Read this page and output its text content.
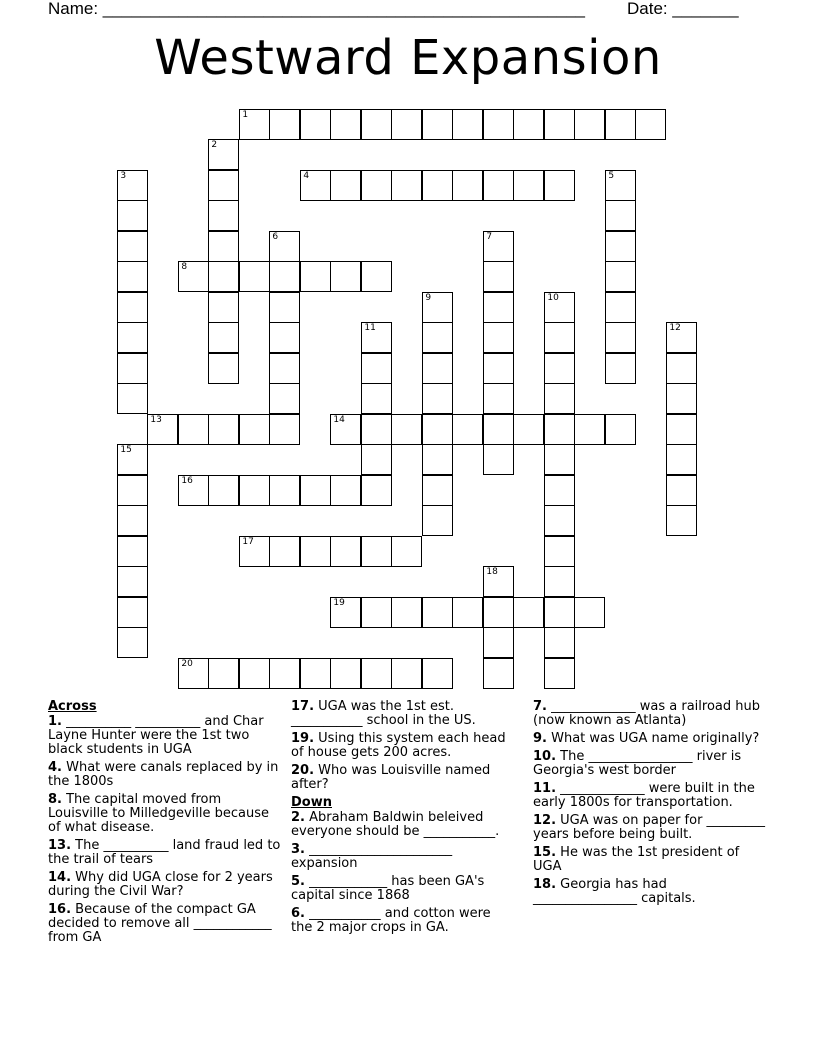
Name: ___________________________________________________ Date: _______
Westward Expansion
1
2
3	4	5
6	7
8
9	10
11	12
13	14
15
16
17
18
19
20
Across
1. __________ __________ and Char Layne Hunter were the 1st two black students in UGA
4. What were canals replaced by in the 1800s
8. The capital moved from Louisville to Milledgeville because of what disease.
13. The __________ land fraud led to the trail of tears
14. Why did UGA close for 2 years during the Civil War?
16. Because of the compact GA decided to remove all ____________ from GA
17. UGA was the 1st est. ___________ school in the US.
19. Using this system each head of house gets 200 acres.
20. Who was Louisville named after?
Down
2. Abraham Baldwin beleived everyone should be ___________.
3. ______________________ expansion
5. ____________ has been GA's capital since 1868
6. ___________ and cotton were the 2 major crops in GA.
7. _____________ was a railroad hub (now known as Atlanta)
9. What was UGA name originally?
10. The ________________ river is Georgia's west border
11. _____________ were built in the early 1800s for transportation.
12. UGA was on paper for _________ years before being built.
15. He was the 1st president of UGA
18. Georgia has had ________________ capitals.
